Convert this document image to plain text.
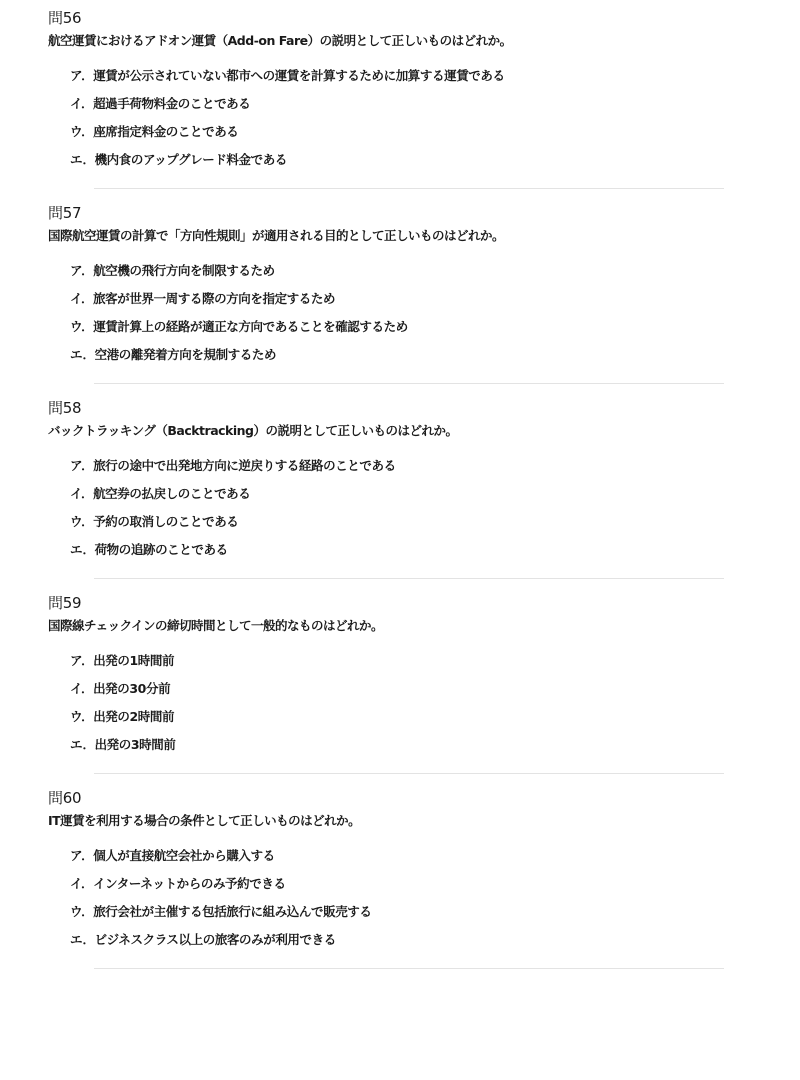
問56

航空運賃におけるアドオン運賃（Add-on Fare）の説明として正しいものはどれか。

ア．運賃が公示されていない都市への運賃を計算するために加算する運賃である
イ．超過手荷物料金のことである
ウ．座席指定料金のことである
エ．機内食のアップグレード料金である
問57

国際航空運賃の計算で「方向性規則」が適用される目的として正しいものはどれか。

ア．航空機の飛行方向を制限するため
イ．旅客が世界一周する際の方向を指定するため
ウ．運賃計算上の経路が適正な方向であることを確認するため
エ．空港の離発着方向を規制するため
問58

バックトラッキング（Backtracking）の説明として正しいものはどれか。

ア．旅行の途中で出発地方向に逆戻りする経路のことである
イ．航空券の払戻しのことである
ウ．予約の取消しのことである
エ．荷物の追跡のことである
問59

国際線チェックインの締切時間として一般的なものはどれか。

ア．出発の1時間前
イ．出発の30分前
ウ．出発の2時間前
エ．出発の3時間前
問60

IT運賃を利用する場合の条件として正しいものはどれか。

ア．個人が直接航空会社から購入する
イ．インターネットからのみ予約できる
ウ．旅行会社が主催する包括旅行に組み込んで販売する
エ．ビジネスクラス以上の旅客のみが利用できる
